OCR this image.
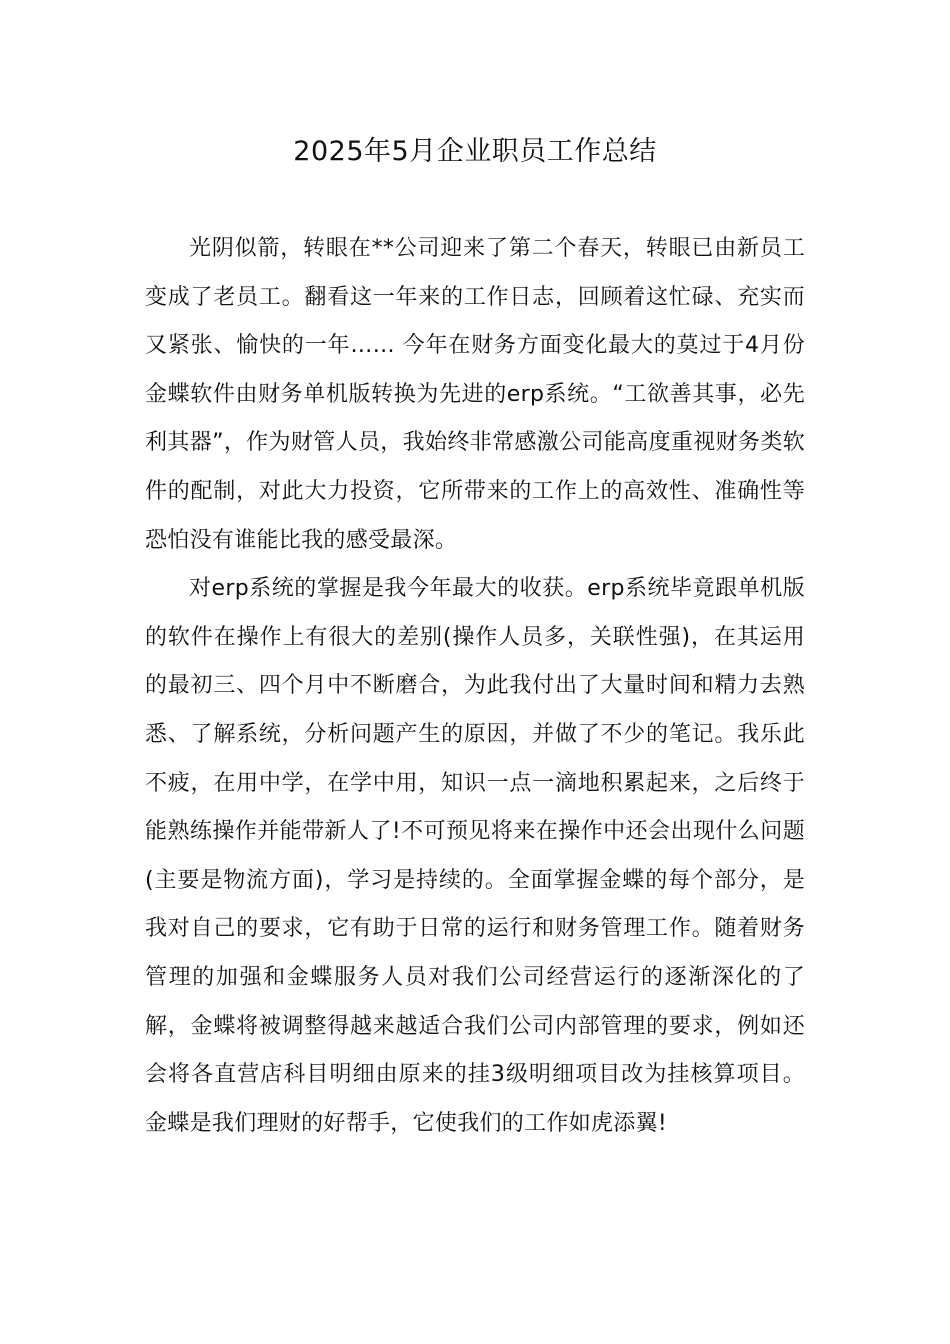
2025年5月企业职员工作总结

光阴似箭，转眼在**公司迎来了第二个春天，转眼已由新员工变成了老员工。翻看这一年来的工作日志，回顾着这忙碌、充实而又紧张、愉快的一年…… 今年在财务方面变化最大的莫过于4月份金蝶软件由财务单机版转换为先进的erp系统。“工欲善其事，必先利其器”，作为财管人员，我始终非常感激公司能高度重视财务类软件的配制，对此大力投资，它所带来的工作上的高效性、准确性等恐怕没有谁能比我的感受最深。

对erp系统的掌握是我今年最大的收获。erp系统毕竟跟单机版的软件在操作上有很大的差别(操作人员多，关联性强)，在其运用的最初三、四个月中不断磨合，为此我付出了大量时间和精力去熟悉、了解系统，分析问题产生的原因，并做了不少的笔记。我乐此不疲，在用中学，在学中用，知识一点一滴地积累起来，之后终于能熟练操作并能带新人了!不可预见将来在操作中还会出现什么问题(主要是物流方面)，学习是持续的。全面掌握金蝶的每个部分，是我对自己的要求，它有助于日常的运行和财务管理工作。随着财务管理的加强和金蝶服务人员对我们公司经营运行的逐渐深化的了解，金蝶将被调整得越来越适合我们公司内部管理的要求，例如还会将各直营店科目明细由原来的挂3级明细项目改为挂核算项目。金蝶是我们理财的好帮手，它使我们的工作如虎添翼!
